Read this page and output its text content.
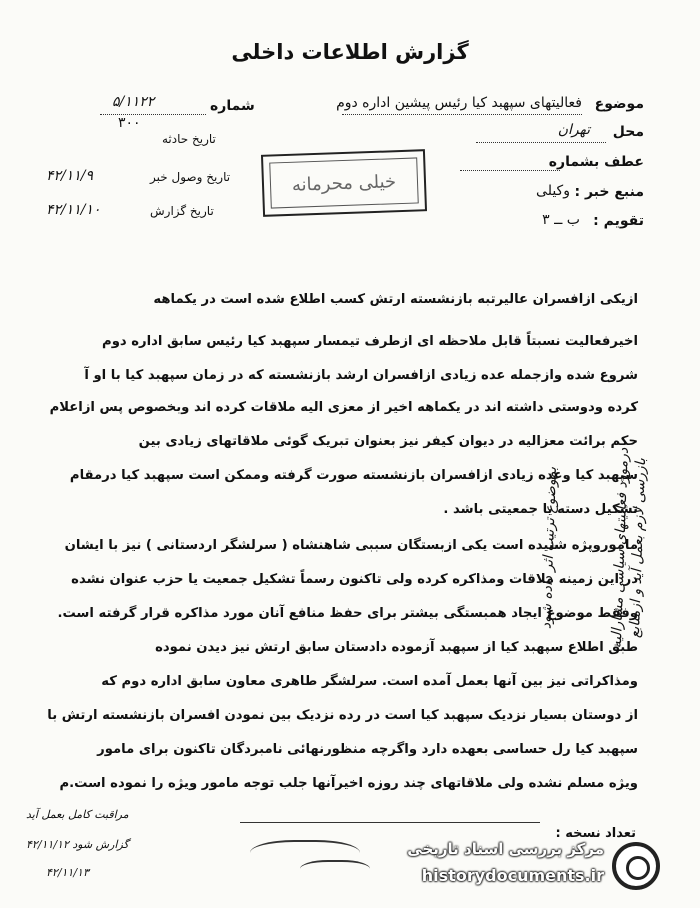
گزارش اطلاعات داخلی
موضوع
فعالیتهای سپهبد کیا رئیس پیشین اداره دوم
محل
تهران
عطف بشماره
منبع خبر :
وکیلی
تقویم :
ب ــ ۳
شماره
۵/۱۱۲۲
۳۰۰
تاریخ حادثه
تاریخ وصول خبر
۴۲/۱۱/۹
تاریخ گزارش
۴۲/۱۱/۱۰
خیلی محرمانه
ازیکی ازافسران عالیرتبه بازنشسته ارتش کسب اطلاع شده است در یکماهه
اخیرفعالیت نسبتاً قابل ملاحظه ای ازطرف تیمسار سپهبد کیا رئیس سابق اداره دوم
شروع شده وازجمله عده زیادی ازافسران ارشد بازنشسته که در زمان سپهبد کیا با او آ
کرده ودوستی داشته اند در یکماهه اخیر از معزی الیه ملاقات کرده اند وبخصوص پس ازاعلام
حکم برائت معزالیه در دیوان کیفر نیز بعنوان تبریک گوئی ملاقاتهای زیادی بین
سپهبد کیا وعده زیادی ازافسران بازنشسته صورت گرفته وممکن است سپهبد کیا درمقام
تشکیل دسته یا جمعیتی باشد .
ماموروپژه شنیده است یکی ازبستگان سببی شاهنشاه ( سرلشگر اردستانی ) نیز با ایشان
در این زمینه ملاقات ومذاکره کرده ولی تاکنون رسماً تشکیل جمعیت یا حزب عنوان نشده
وفقط موضوع ایجاد همبستگی بیشتر برای حفظ منافع آنان مورد مذاکره قرار گرفته است.
طبق اطلاع سپهبد کیا از سپهبد آزموده دادستان سابق ارتش نیز دیدن نموده
ومذاکراتی نیز بین آنها بعمل آمده است. سرلشگر طاهری معاون سابق اداره دوم که
از دوستان بسیار نزدیک سپهبد کیا است در رده نزدیک بین نمودن افسران بازنشسته ارتش با
سپهبد کیا رل حساسی بعهده دارد واگرچه منظورنهائی نامبردگان تاکنون برای مامور
ویژه مسلم نشده ولی ملاقاتهای چند روزه اخیرآنها جلب توجه مامور ویژه را نموده است.م
بموضوع ترتیب اثر داده شود	درمورد فعالیتهای سیاسی مشارالیه
بازرسی لازم بعمل آید و ازمنابع
تعداد نسخه :
مراقبت کامل بعمل آید
گزارش شود ۴۲/۱۱/۱۲
۴۲/۱۱/۱۳
مرکز بررسی اسناد تاریخی
historydocuments.ir
